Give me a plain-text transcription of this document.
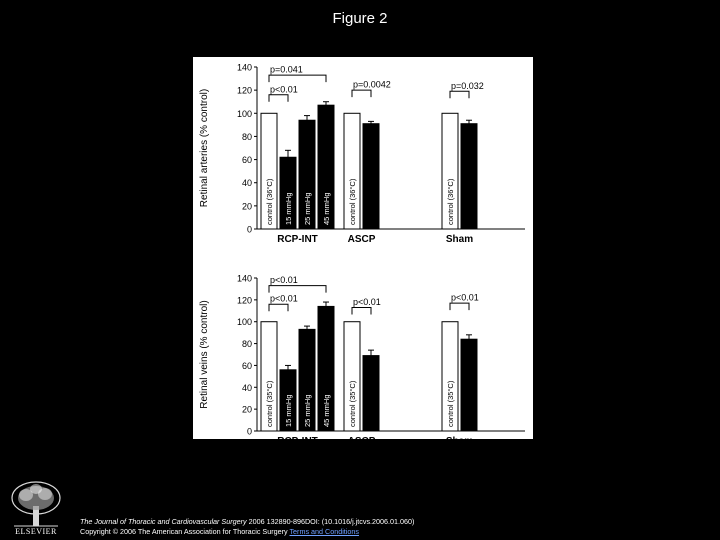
Figure 2
0
20
40
60
80
100
120
140
Retinal arteries (% control)	control (36°C) 15 mmHg 25 mmHg 45 mmHg
p=0.041
p<0.01
RCP-INT
control (36°C)
p=0.0042
ASCP
control (36°C)
p=0.032
Sham
0
20
40
60
80
100
120
140
Retinal veins (% control)	control (35°C) 15 mmHg 25 mmHg 45 mmHg
p<0.01
p<0.01
RCP-INT
control (35°C)
p<0.01
ASCP
control (35°C)
p<0.01
Sham
ELSEVIER
The Journal of Thoracic and Cardiovascular Surgery 2006 132890-896DOI: (10.1016/j.jtcvs.2006.01.060)
Copyright © 2006 The American Association for Thoracic Surgery Terms and Conditions
